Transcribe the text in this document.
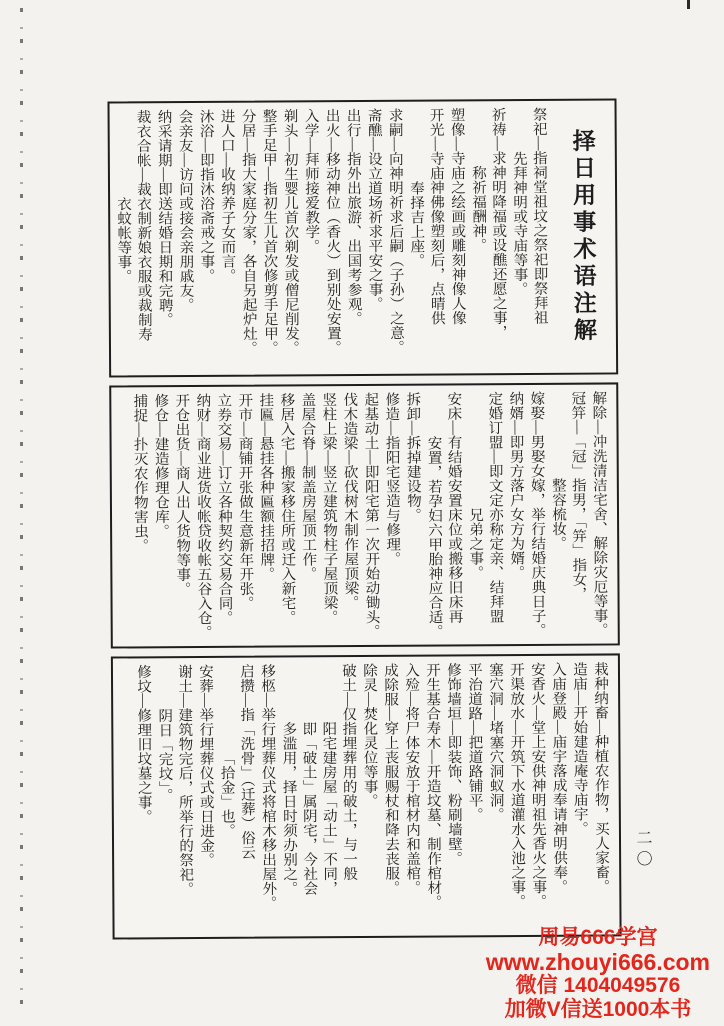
择日用事术语注解
祭祀—指祠堂祖坟之祭祀即祭拜祖
先拜神明或寺庙等事。
祈祷—求神明降福或设醮还愿之事，
称祈福酬神。
塑像—寺庙之绘画或雕刻神像人像
开光—寺庙神佛像塑刻后，点晴供
奉择吉上座。
求嗣—向神明祈求后嗣（子孙）之意。
斋醮—设立道场祈求平安之事。
出行—指外出旅游、出国考参观。
出火—移动神位（香火）到别处安置。
入学—拜师接爱教学。
剃头—初生婴儿首次剃发或僧尼削发。
整手足甲—指初生儿首次修剪手足甲。
分居—指大家庭分家，各自另起炉灶。
进人口—收纳养子女而言。
沐浴—即指沐浴斋戒之事。
会亲友—访问或接会亲朋戚友。
纳采请期—即送结婚日期和完聘。
裁衣合帐—裁衣制新娘衣服或裁制寿
衣蚊帐等事。
解除—冲洗清洁宅舍、解除灾厄等事。
冠笄—「冠」指男，「笄」指女，
整容梳妆。
嫁娶—男娶女嫁，举行结婚庆典日子。
纳婿—即男方落户女方为婿。
定婚订盟—即文定亦称定亲、结拜盟
兄弟之事。
安床—有结婚安置床位或搬移旧床再
安置，若孕妇六甲胎神应合适。
拆卸—拆掉建设物。
修造—指阳宅竖造与修理。
起基动土—即阳宅第一次开始动锄头。
伐木造梁—砍伐树木制作屋顶梁。
竖柱上梁—竖立建筑物柱子屋顶梁。
盖屋合脊—制盖房屋顶工作。
移居入宅—搬家移住所或迁入新宅。
挂匾—悬挂各种匾额挂招牌。
开市—商铺开张做生意新年开张。
立券交易—订立各种契约交易合同。
纳财—商业进货收帐贷收帐五谷入仓。
开仓出货—商人出人货物等事。
修仓—建造修理仓库。
捕捉—扑灭农作物害虫。
栽种纳畜—种植农作物，买人家畜。
造庙—开始建造庵寺庙宇。
入庙登殿—庙宇落成奉请神明供奉。
安香火—堂上安供神明祖先香火之事。
开渠放水—开筑下水道灌水入池之事。
塞穴洞—堵塞穴洞蚁洞。
平治道路—把道路铺平。
修饰墙垣—即装饰、粉刷墙壁。
开生基合寿木—开造坟墓、制作棺材。
入殓—将尸体安放于棺材内和盖棺。
成除服—穿上丧服赐杖和降去丧服。
除灵—焚化灵位等事。
破土—仅指埋葬用的破土，与一般
阳宅建房屋「动土」不同，
即「破土」属阴宅，今社会
多滥用，择日时须办别之。
移柩—举行埋葬仪式将棺木移出屋外。
启攒—指「洗骨」（迁葬）俗云
「拾金」也。
安葬—举行埋葬仪式或日进金。
谢土—建筑物完后，所举行的祭祀。
阴日「完坟」。
修坟—修理旧坟墓之事。
二〇
周易666学宫
www.zhouyi666.com
微信 1404049576
加微V信送1000本书
